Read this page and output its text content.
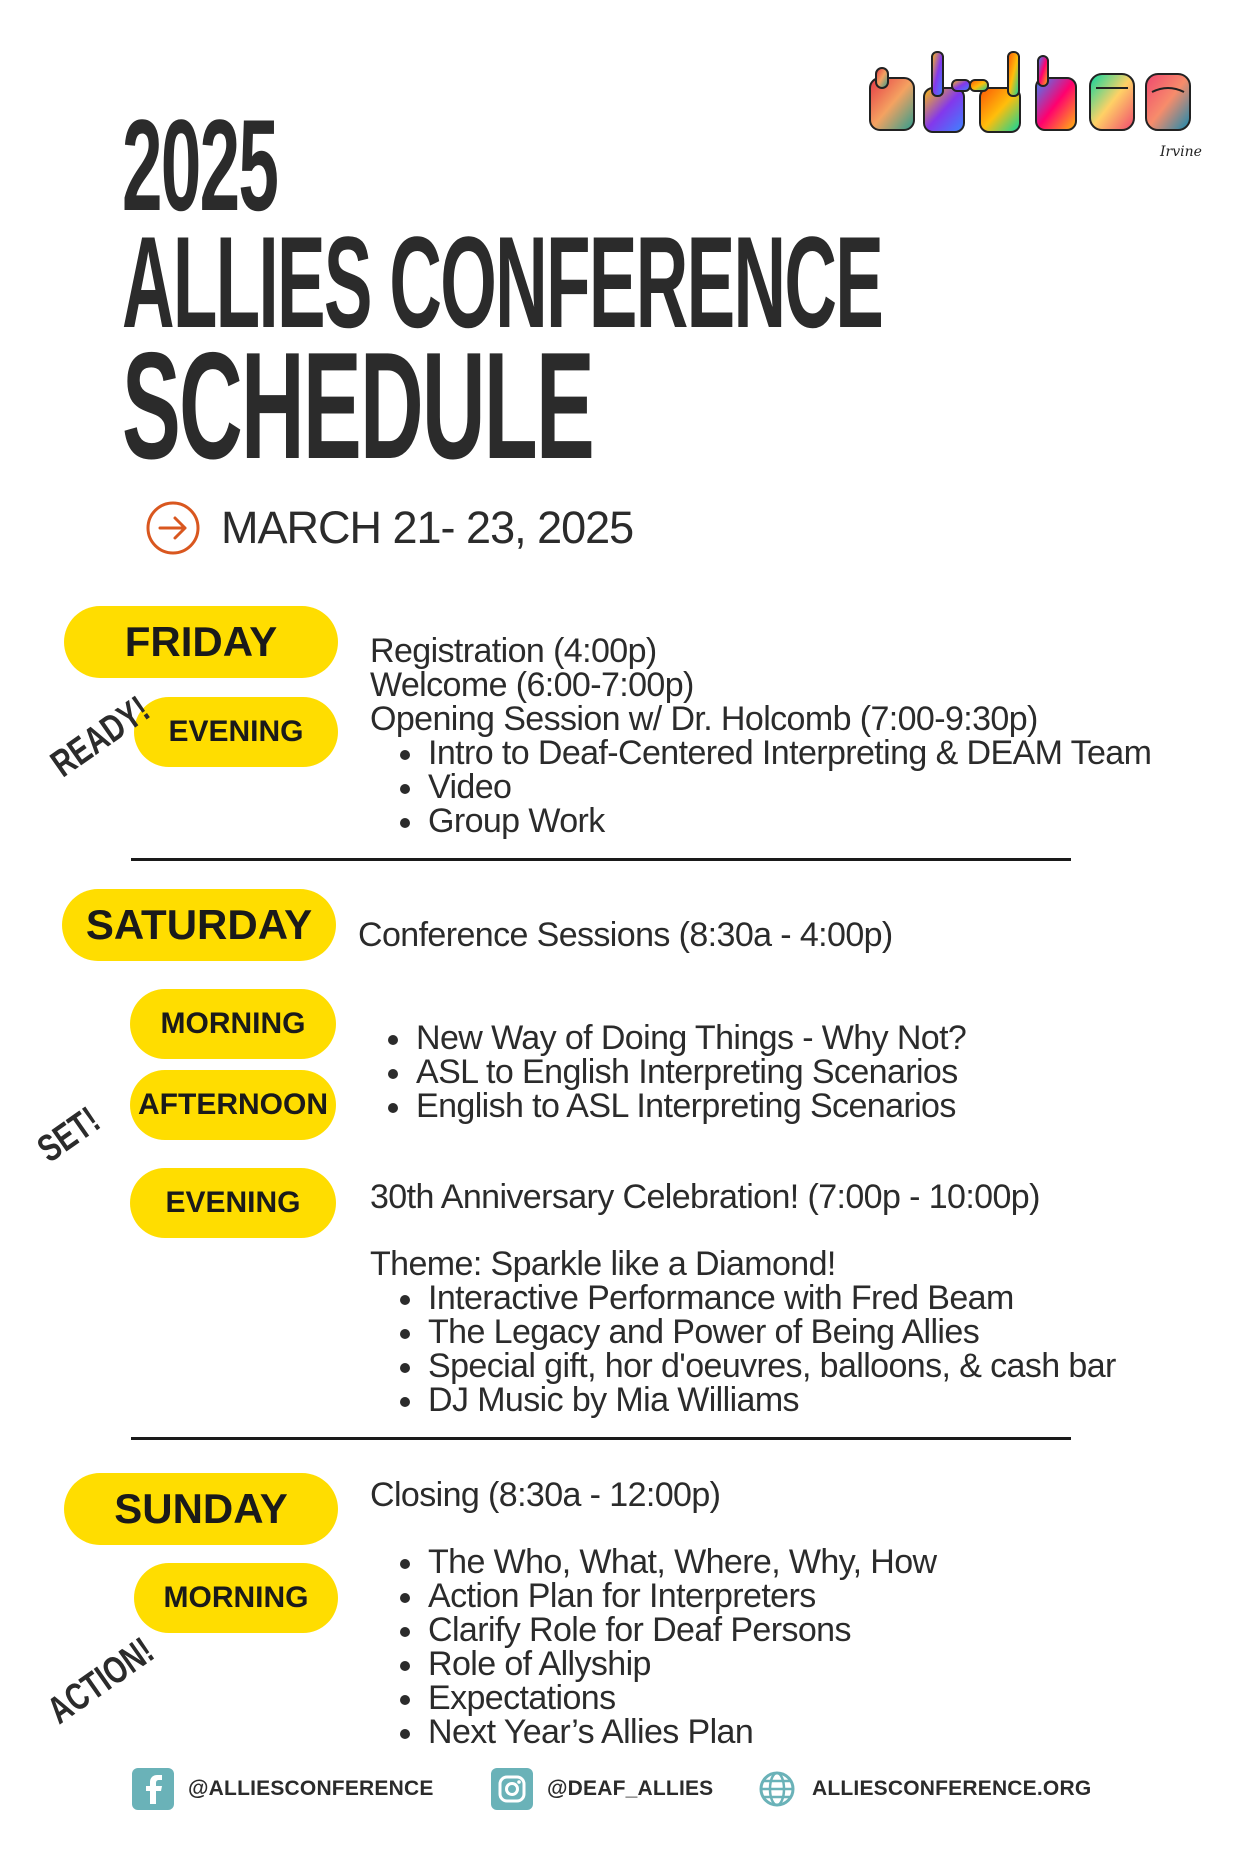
Irvine
2025
ALLIES CONFERENCE
SCHEDULE
MARCH 21- 23, 2025
FRIDAY
EVENING
READY!
Registration (4:00p)
Welcome (6:00-7:00p)
Opening Session w/ Dr. Holcomb (7:00-9:30p)
Intro to Deaf-Centered Interpreting & DEAM Team
Video
Group Work
SATURDAY	Conference Sessions (8:30a - 4:00p)
MORNING
AFTERNOON
SET!
New Way of Doing Things - Why Not?
ASL to English Interpreting Scenarios
English to ASL Interpreting Scenarios
EVENING	30th Anniversary Celebration! (7:00p - 10:00p)
Theme: Sparkle like a Diamond!
Interactive Performance with Fred Beam
The Legacy and Power of Being Allies
Special gift, hor d'oeuvres, balloons, & cash bar
DJ Music by Mia Williams
SUNDAY	Closing (8:30a - 12:00p)
MORNING
ACTION!
The Who, What, Where, Why, How
Action Plan for Interpreters
Clarify Role for Deaf Persons
Role of Allyship
Expectations
Next Year’s Allies Plan
@ALLIESCONFERENCE	@DEAF_ALLIES	ALLIESCONFERENCE.ORG
